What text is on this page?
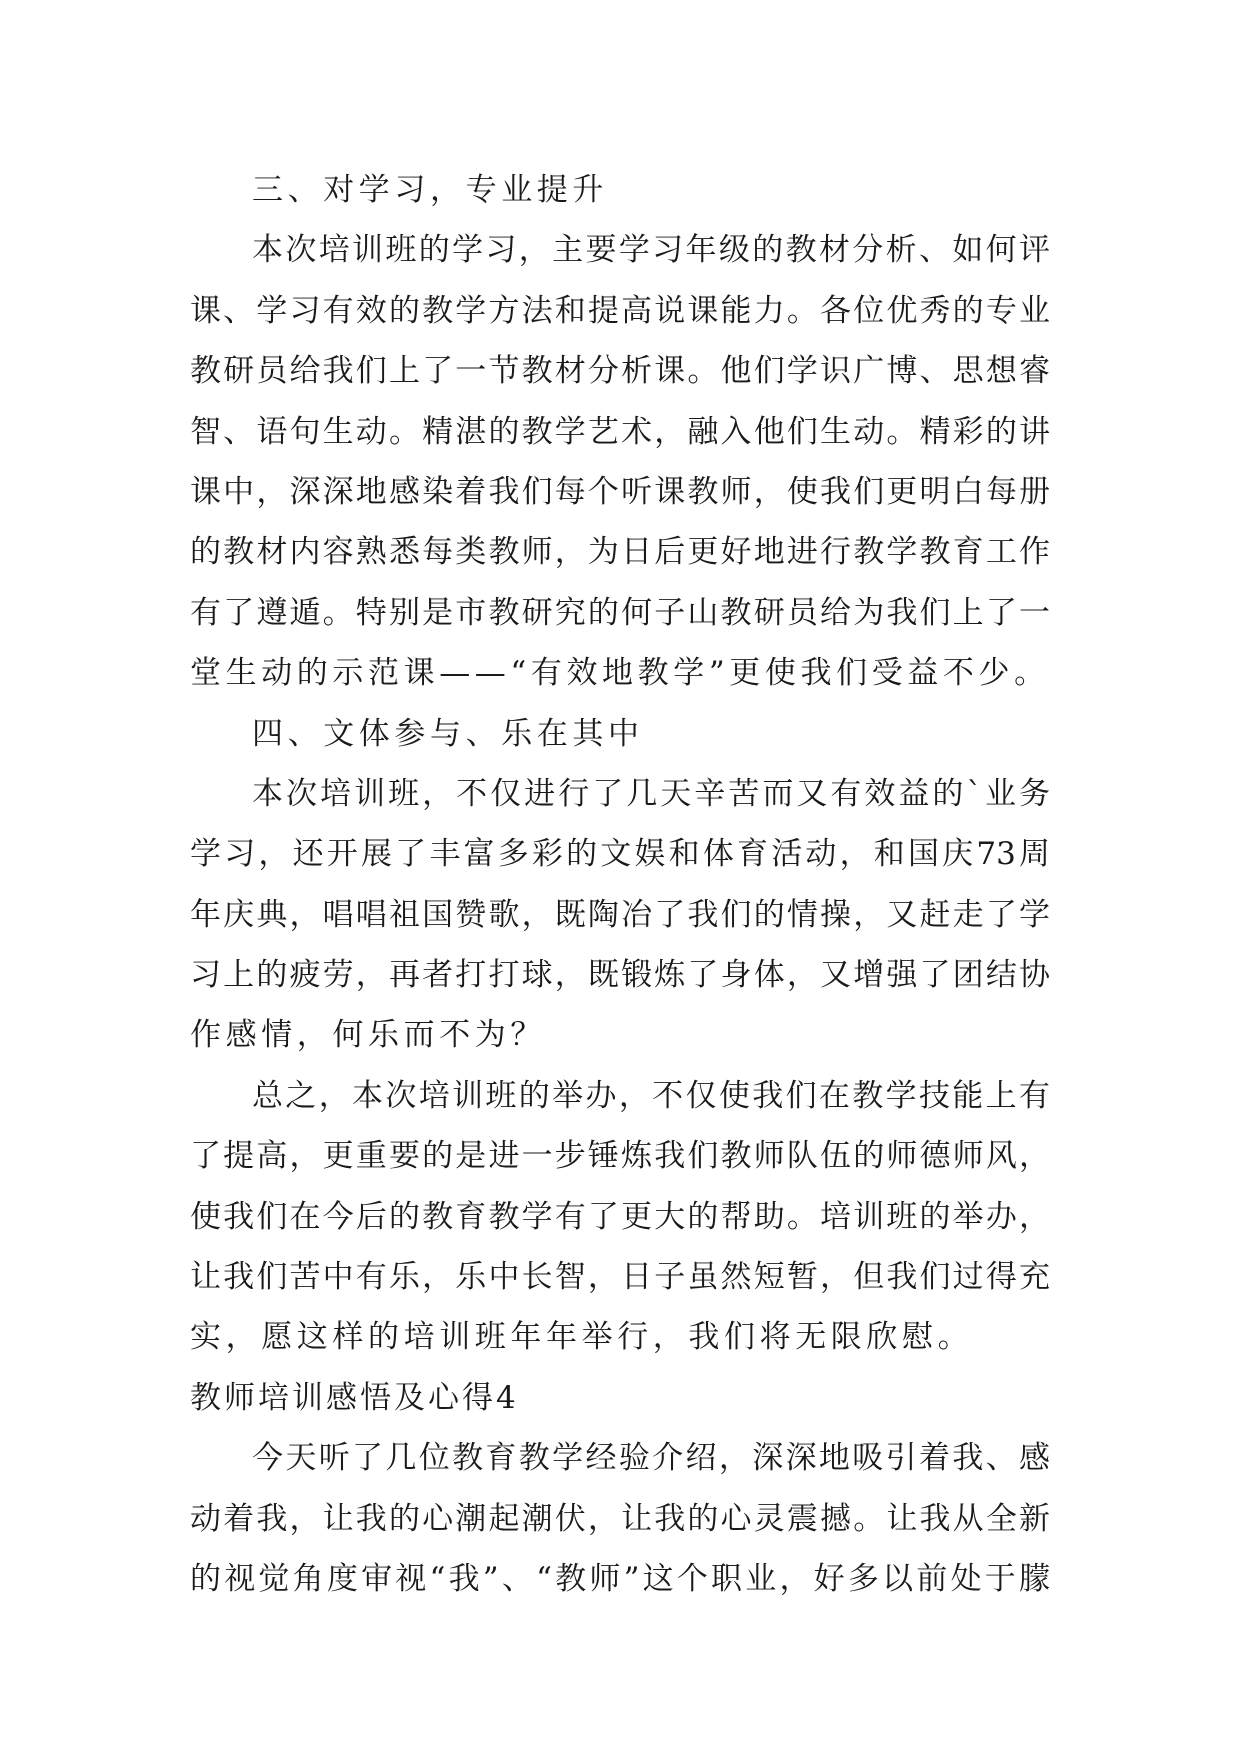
三、对学习，专业提升
本次培训班的学习，主要学习年级的教材分析、如何评
课、学习有效的教学方法和提高说课能力。各位优秀的专业
教研员给我们上了一节教材分析课。他们学识广博、思想睿
智、语句生动。精湛的教学艺术，融入他们生动。精彩的讲
课中，深深地感染着我们每个听课教师，使我们更明白每册
的教材内容熟悉每类教师，为日后更好地进行教学教育工作
有了遵遁。特别是市教研究的何子山教研员给为我们上了一
堂生动的示范课——“有效地教学”更使我们受益不少。
四、文体参与、乐在其中
本次培训班，不仅进行了几天辛苦而又有效益的`业务
学习，还开展了丰富多彩的文娱和体育活动，和国庆73周
年庆典，唱唱祖国赞歌，既陶冶了我们的情操，又赶走了学
习上的疲劳，再者打打球，既锻炼了身体，又增强了团结协
作感情，何乐而不为？
总之，本次培训班的举办，不仅使我们在教学技能上有
了提高，更重要的是进一步锤炼我们教师队伍的师德师风，
使我们在今后的教育教学有了更大的帮助。培训班的举办，
让我们苦中有乐，乐中长智，日子虽然短暂，但我们过得充
实，愿这样的培训班年年举行，我们将无限欣慰。
教师培训感悟及心得4
今天听了几位教育教学经验介绍，深深地吸引着我、感
动着我，让我的心潮起潮伏，让我的心灵震撼。让我从全新
的视觉角度审视“我”、“教师”这个职业，好多以前处于朦
